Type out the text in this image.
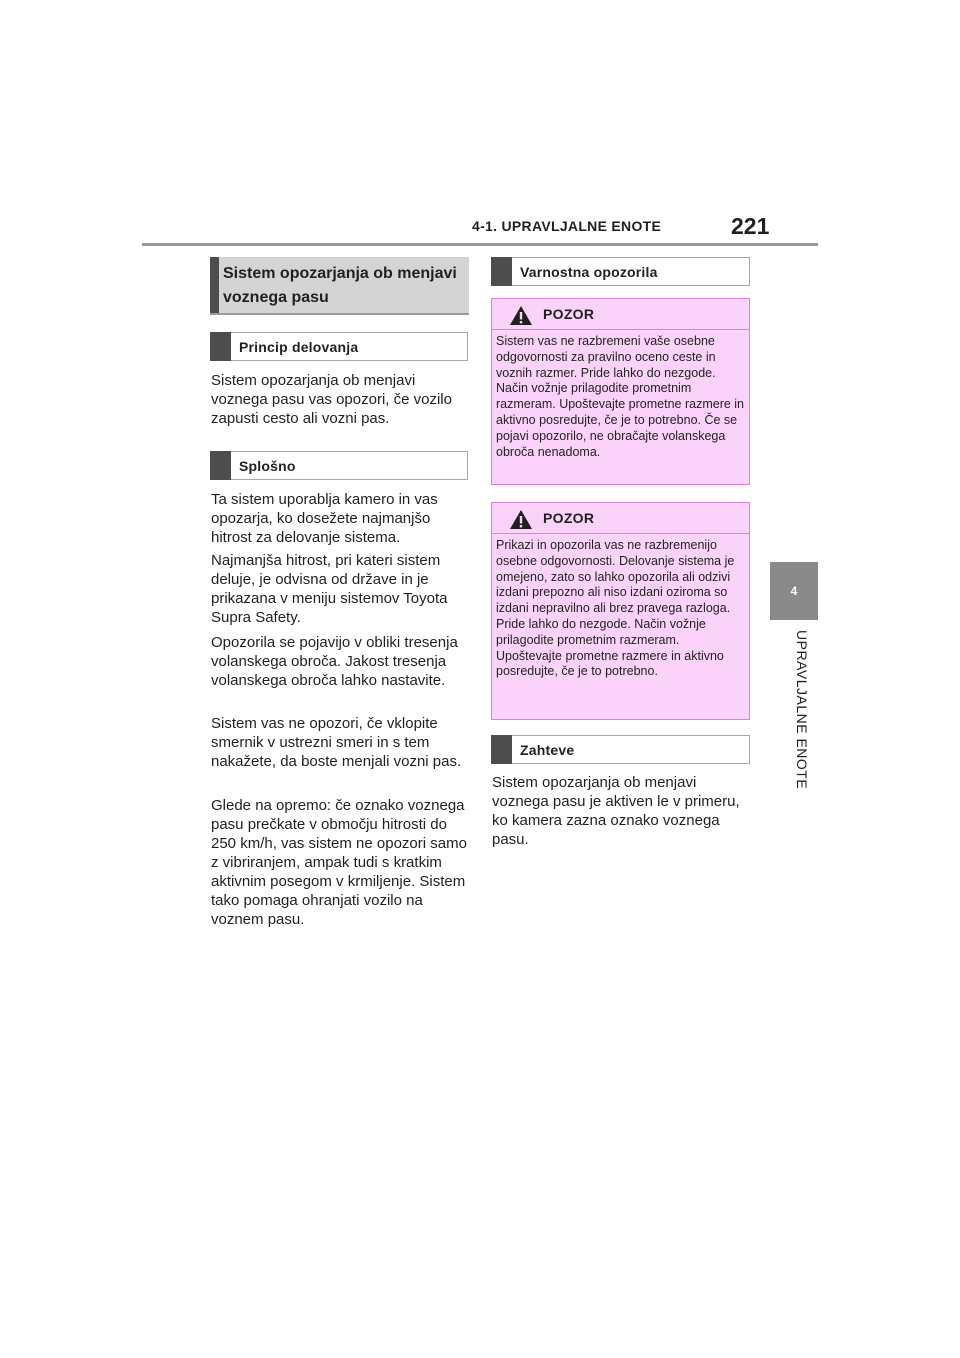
4-1. UPRAVLJALNE ENOTE	221
4
UPRAVLJALNE ENOTE
Sistem opozarjanja ob menjavi voznega pasu
Princip delovanja

Sistem opozarjanja ob menjavi voznega pasu vas opozori, če vozilo zapusti cesto ali vozni pas.

Splošno

Ta sistem uporablja kamero in vas opozarja, ko dosežete najmanjšo hitrost za delovanje sistema.

Najmanjša hitrost, pri kateri sistem deluje, je odvisna od države in je prikazana v meniju sistemov Toyota Supra Safety.

Opozorila se pojavijo v obliki tresenja volanskega obroča. Jakost tresenja volanskega obroča lahko nastavite.

Sistem vas ne opozori, če vklopite smernik v ustrezni smeri in s tem nakažete, da boste menjali vozni pas.

Glede na opremo: če oznako voznega pasu prečkate v območju hitrosti do 250 km/h, vas sistem ne opozori samo z vibriranjem, ampak tudi s kratkim aktivnim posegom v krmiljenje. Sistem tako pomaga ohranjati vozilo na voznem pasu.

Varnostna opozorila
POZOR
Sistem vas ne razbremeni vaše osebne odgovornosti za pravilno oceno ceste in voznih razmer. Pride lahko do nezgode. Način vožnje prilagodite prometnim razmeram. Upoštevajte prometne razmere in aktivno posredujte, če je to potrebno. Če se pojavi opozorilo, ne obračajte volanskega obroča nenadoma.
POZOR
Prikazi in opozorila vas ne razbremenijo osebne odgovornosti. Delovanje sistema je omejeno, zato so lahko opozorila ali odzivi izdani prepozno ali niso izdani oziroma so izdani nepravilno ali brez pravega razloga. Pride lahko do nezgode. Način vožnje prilagodite prometnim razmeram. Upoštevajte prometne razmere in aktivno posredujte, če je to potrebno.
Zahteve

Sistem opozarjanja ob menjavi voznega pasu je aktiven le v primeru, ko kamera zazna oznako voznega pasu.
